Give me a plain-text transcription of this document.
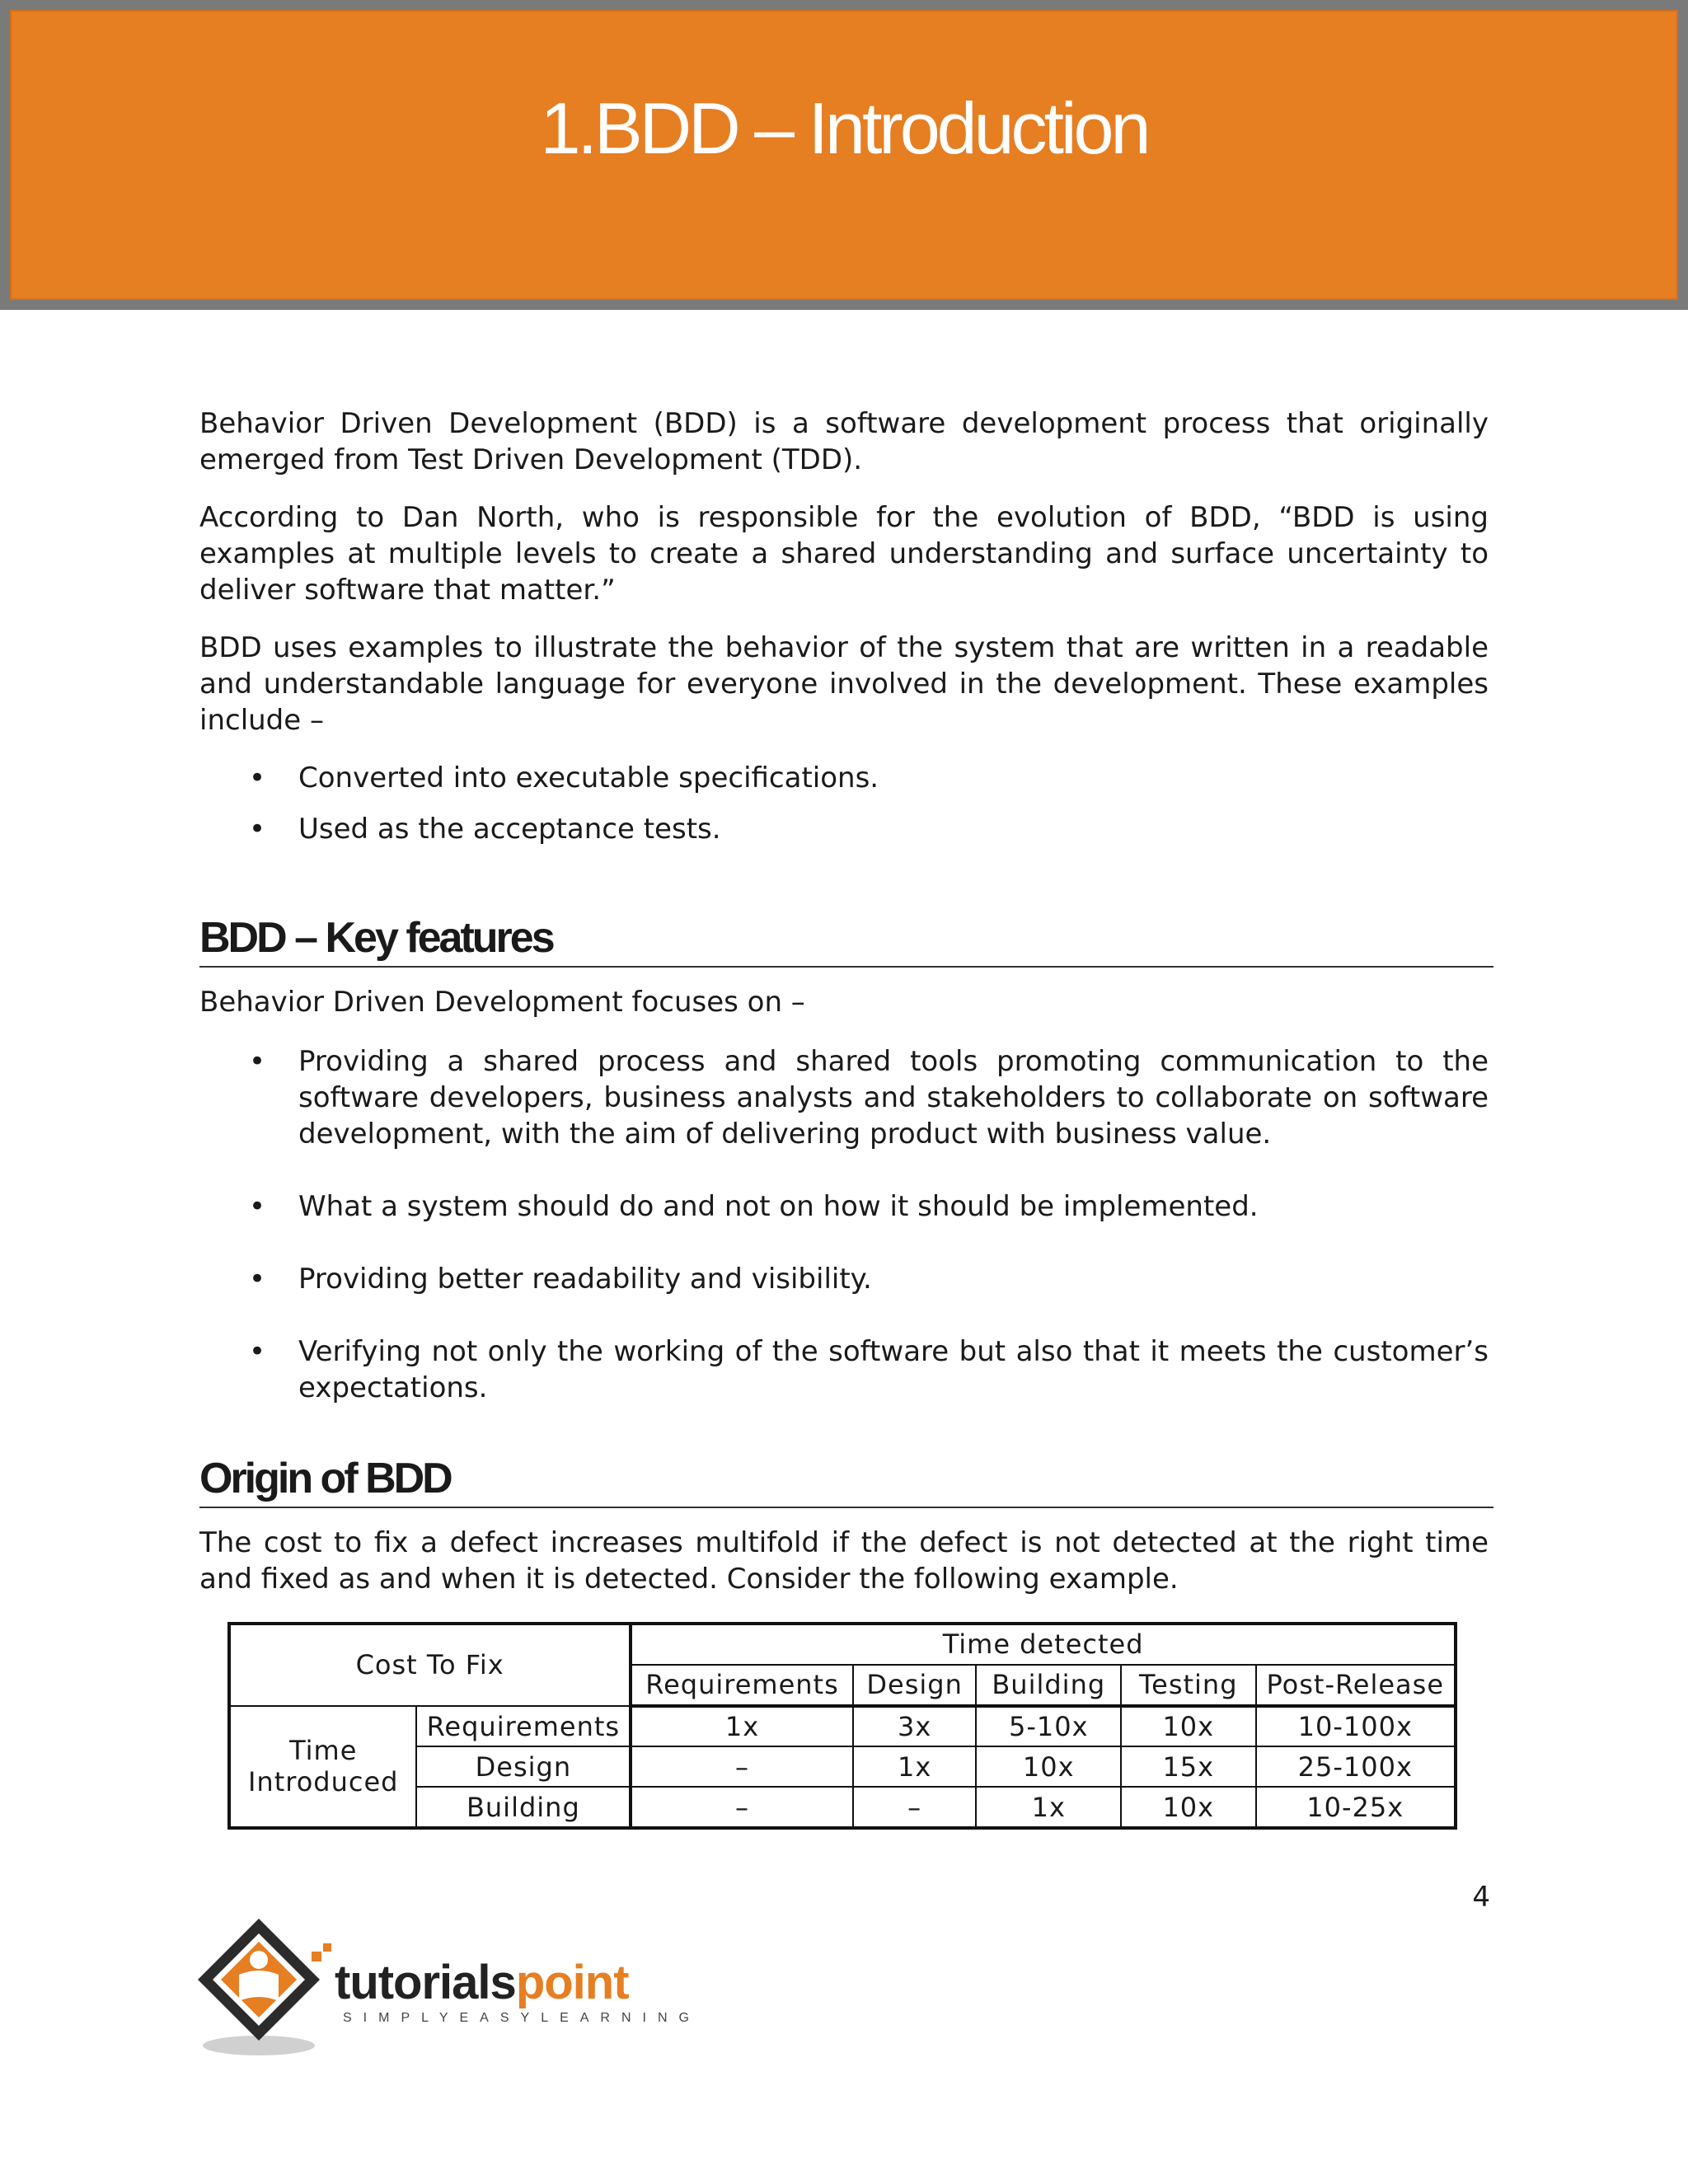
1.BDD – Introduction

Behavior Driven Development (BDD) is a software development process that originally emerged from Test Driven Development (TDD).

According to Dan North, who is responsible for the evolution of BDD, “BDD is using examples at multiple levels to create a shared understanding and surface uncertainty to deliver software that matter.”

BDD uses examples to illustrate the behavior of the system that are written in a readable and understandable language for everyone involved in the development. These examples include –

• Converted into executable specifications.
• Used as the acceptance tests.
BDD – Key features

Behavior Driven Development focuses on –

• Providing a shared process and shared tools promoting communication to the software developers, business analysts and stakeholders to collaborate on software development, with the aim of delivering product with business value.
• What a system should do and not on how it should be implemented.
• Providing better readability and visibility.
• Verifying not only the working of the software but also that it meets the customer’s expectations.
Origin of BDD

The cost to fix a defect increases multifold if the defect is not detected at the right time and fixed as and when it is detected. Consider the following example.

Cost To Fix		Time detected				
		Requirements	Design	Building	Testing	Post-Release
Time Introduced	Requirements	1x	3x	5-10x	10x	10-100x
	Design	–	1x	10x	15x	25-100x
	Building	–	–	1x	10x	10-25x
4
tutorialspoint
SIMPLYEASYLEARNING
